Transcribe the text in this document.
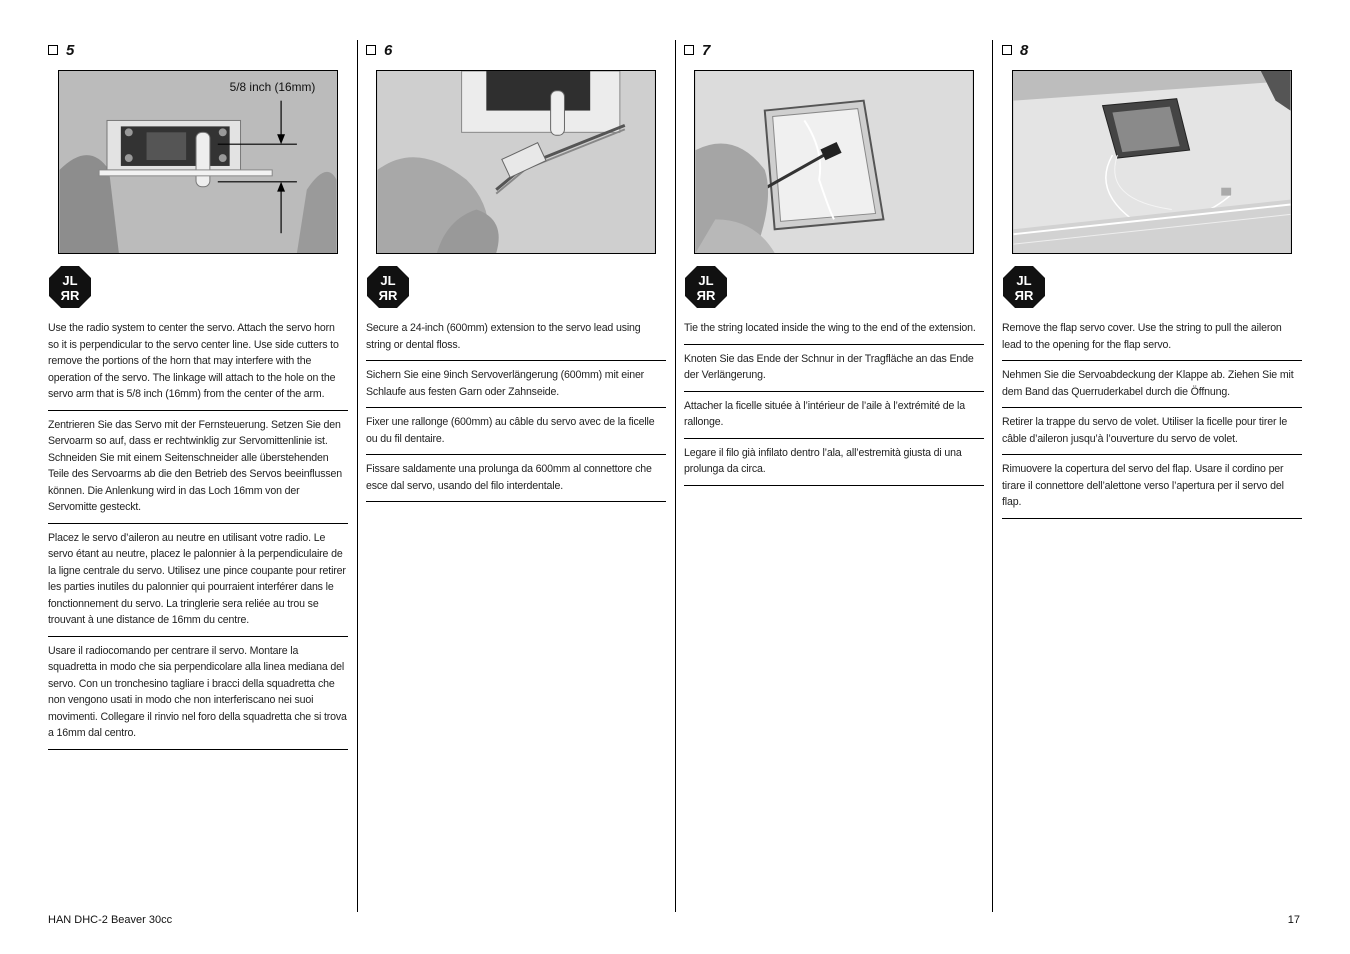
5
5/8 inch (16mm)
JL
ЯR
Use the radio system to center the servo. Attach the servo horn so it is perpendicular to the servo center line. Use side cutters to remove the portions of the horn that may interfere with the operation of the servo. The linkage will attach to the hole on the servo arm that is 5/8 inch (16mm) from the center of the arm.
Zentrieren Sie das Servo mit der Fernsteuerung. Setzen Sie den Servoarm so auf, dass er rechtwinklig zur Servomittenlinie ist. Schneiden Sie mit einem Seitenschneider alle überstehenden Teile des Servoarms ab die den Betrieb des Servos beeinflussen können. Die Anlenkung wird in das Loch 16mm von der Servomitte gesteckt.
Placez le servo d’aileron au neutre en utilisant votre radio. Le servo étant au neutre, placez le palonnier à la perpendiculaire de la ligne centrale du servo. Utilisez une pince coupante pour retirer les parties inutiles du palonnier qui pourraient interférer dans le fonctionnement du servo. La tringlerie sera reliée au trou se trouvant à une distance de 16mm du centre.
Usare il radiocomando per centrare il servo. Montare la squadretta in modo che sia perpendicolare alla linea mediana del servo. Con un tronchesino tagliare i bracci della squadretta che non vengono usati in modo che non interferiscano nei suoi movimenti. Collegare il rinvio nel foro della squadretta che si trova a 16mm dal centro.
6
JL
ЯR
Secure a 24-inch (600mm) extension to the servo lead using string or dental floss.
Sichern Sie eine 9inch Servoverlängerung (600mm) mit einer Schlaufe aus festen Garn oder Zahnseide.
Fixer une rallonge (600mm) au câble du servo avec de la ficelle ou du fil dentaire.
Fissare saldamente una prolunga da 600mm al connettore che esce dal servo, usando del filo interdentale.
7
JL
ЯR
Tie the string located inside the wing to the end of the extension.
Knoten Sie das Ende der Schnur in der Tragfläche an das Ende der Verlängerung.
Attacher la ficelle située à l’intérieur de l’aile à l’extrémité de la rallonge.
Legare il filo già infilato dentro l’ala, all’estremità giusta di una prolunga da circa.
8
JL
ЯR
Remove the flap servo cover. Use the string to pull the aileron lead to the opening for the flap servo.
Nehmen Sie die Servoabdeckung der Klappe ab. Ziehen Sie mit dem Band das Querruderkabel durch die Öffnung.
Retirer la trappe du servo de volet. Utiliser la ficelle pour tirer le câble d’aileron jusqu’à l’ouverture du servo de volet.
Rimuovere la copertura del servo del flap. Usare il cordino per tirare il connettore dell’alettone verso l’apertura per il servo del flap.
HAN DHC-2 Beaver 30cc	17
